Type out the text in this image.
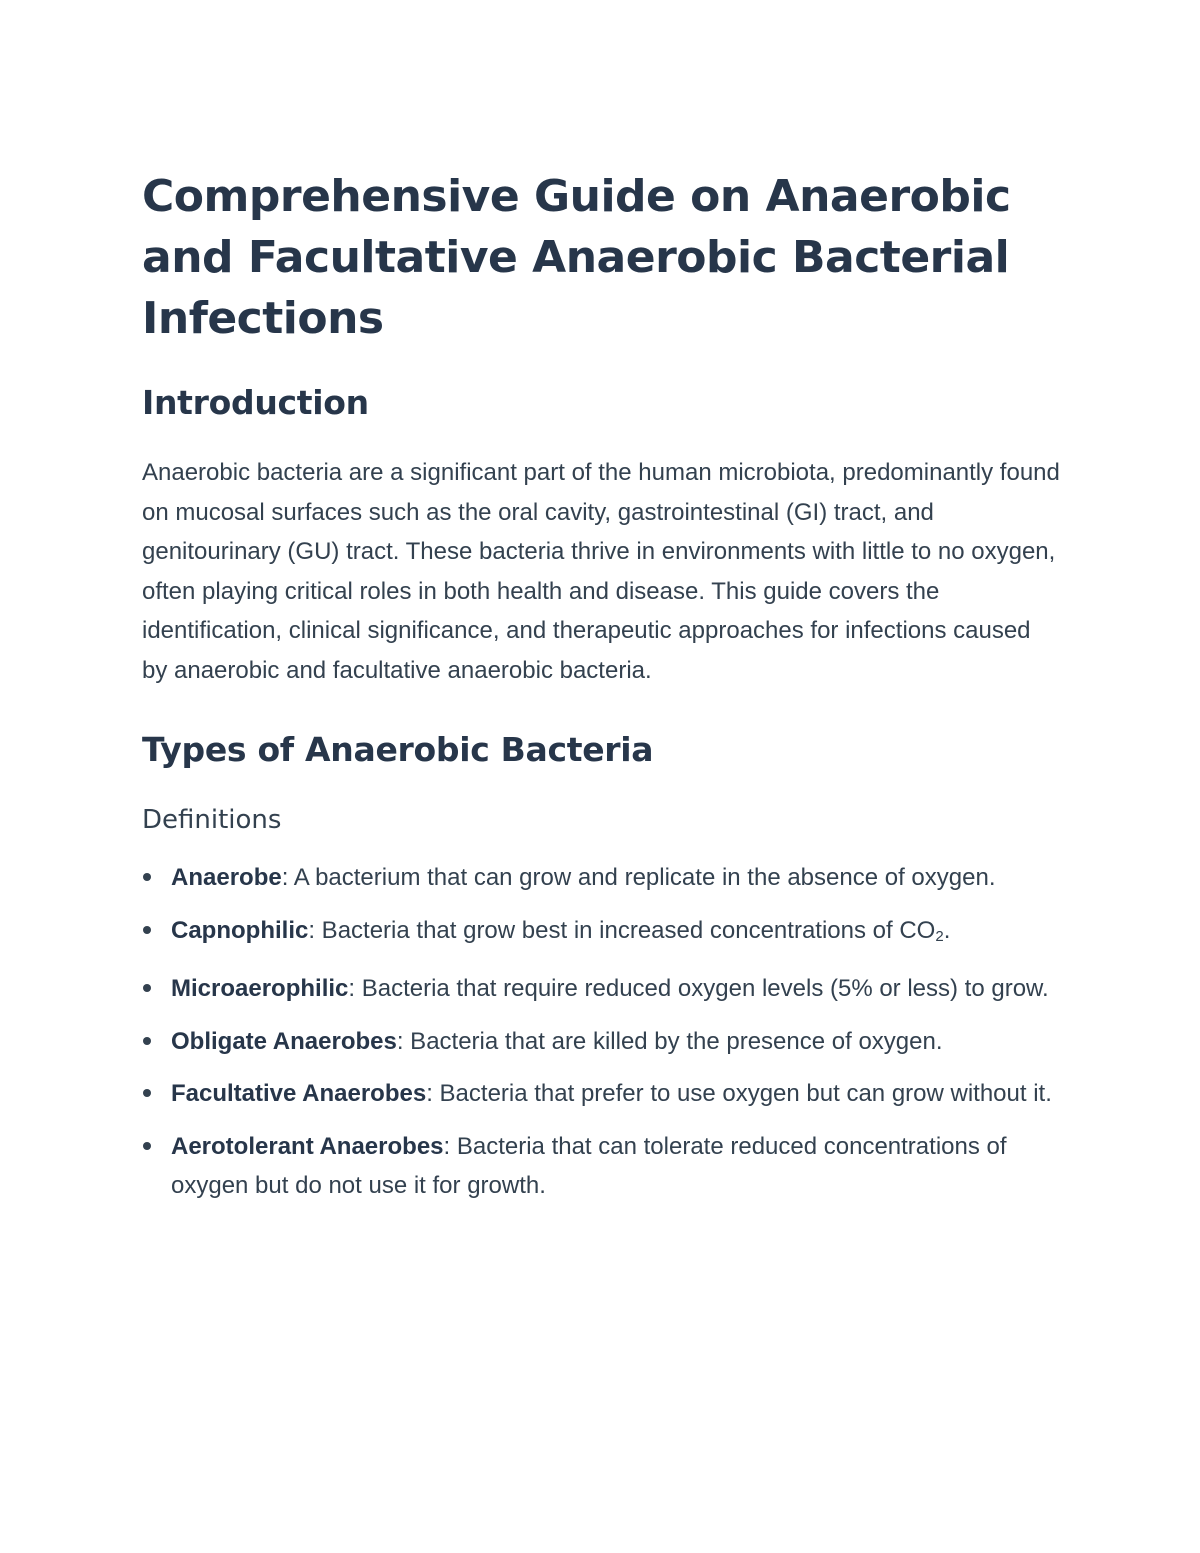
Comprehensive Guide on Anaerobic and Facultative Anaerobic Bacterial Infections
Introduction

Anaerobic bacteria are a significant part of the human microbiota, predominantly found on mucosal surfaces such as the oral cavity, gastrointestinal (GI) tract, and genitourinary (GU) tract. These bacteria thrive in environments with little to no oxygen, often playing critical roles in both health and disease. This guide covers the identification, clinical significance, and therapeutic approaches for infections caused by anaerobic and facultative anaerobic bacteria.

Types of Anaerobic Bacteria
Definitions
Anaerobe: A bacterium that can grow and replicate in the absence of oxygen.
Capnophilic: Bacteria that grow best in increased concentrations of $CO_2$.
Microaerophilic: Bacteria that require reduced oxygen levels (5% or less) to grow.
Obligate Anaerobes: Bacteria that are killed by the presence of oxygen.
Facultative Anaerobes: Bacteria that prefer to use oxygen but can grow without it.
Aerotolerant Anaerobes: Bacteria that can tolerate reduced concentrations of oxygen but do not use it for growth.
